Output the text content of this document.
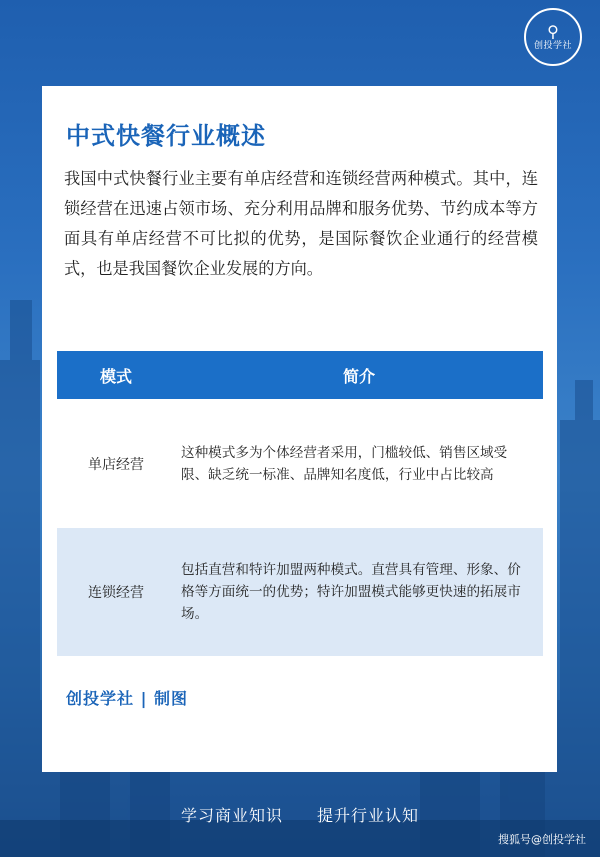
⚲
创投学社
中式快餐行业概述
我国中式快餐行业主要有单店经营和连锁经营两种模式。其中，连锁经营在迅速占领市场、充分利用品牌和服务优势、节约成本等方面具有单店经营不可比拟的优势，是国际餐饮企业通行的经营模式，也是我国餐饮企业发展的方向。
模式	简介
单店经营
这种模式多为个体经营者采用，门槛较低、销售区域受限、缺乏统一标准、品牌知名度低，行业中占比较高
连锁经营
包括直营和特许加盟两种模式。直营具有管理、形象、价格等方面统一的优势；特许加盟模式能够更快速的拓展市场。
创投学社 | 制图
学习商业知识 提升行业认知
搜狐号@创投学社
